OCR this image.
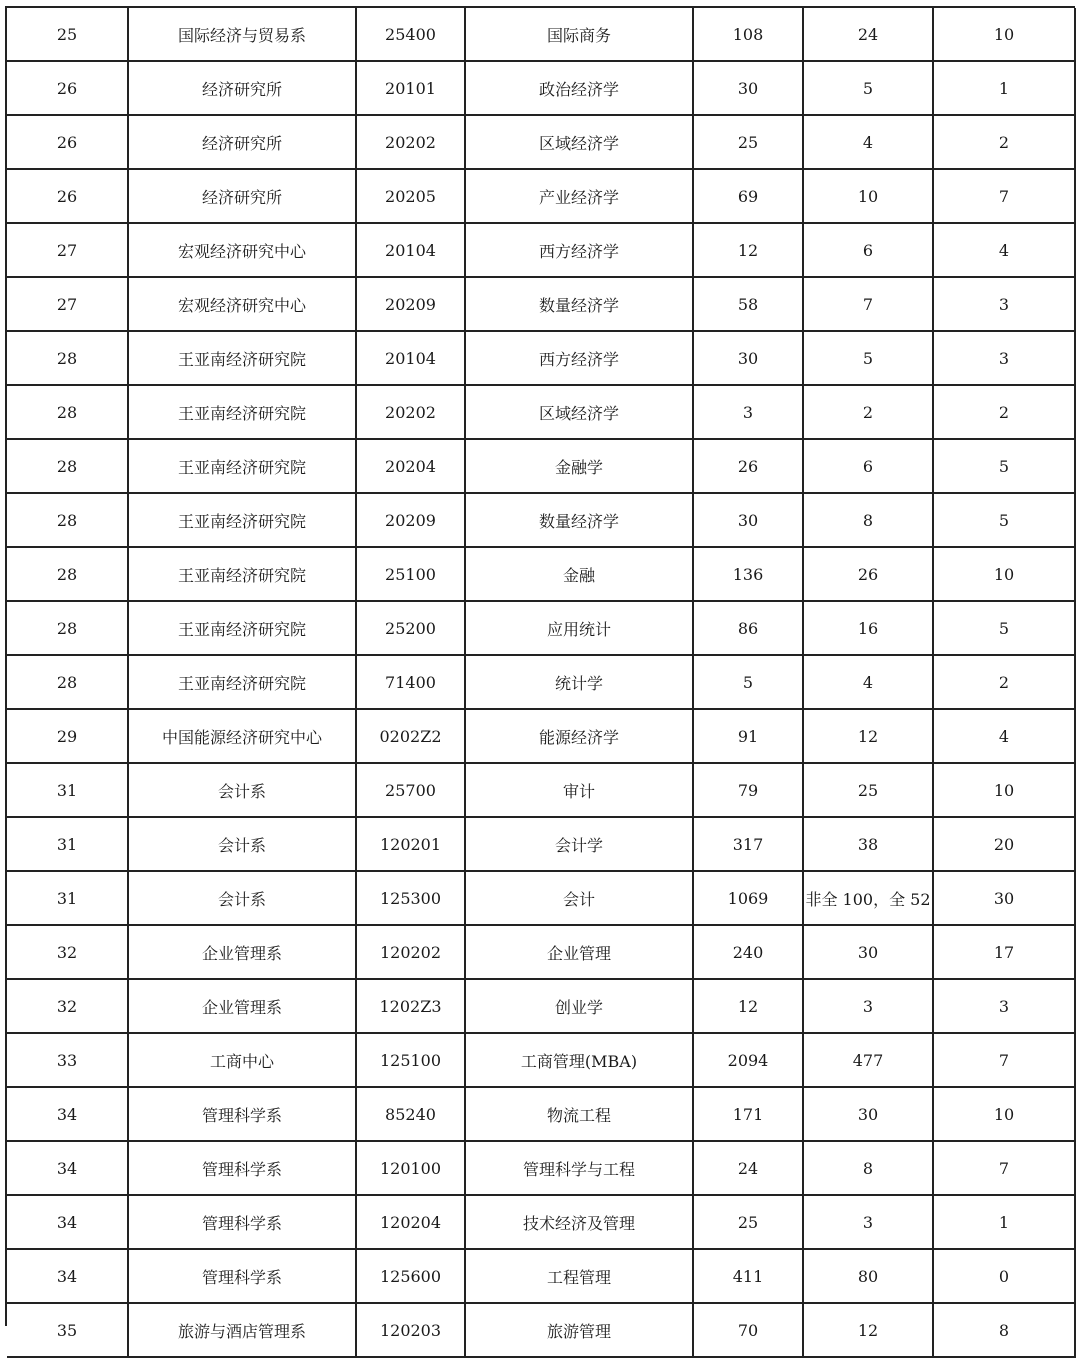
25	国际经济与贸易系	25400	国际商务	108	24	10
26	经济研究所	20101	政治经济学	30	5	1
26	经济研究所	20202	区域经济学	25	4	2
26	经济研究所	20205	产业经济学	69	10	7
27	宏观经济研究中心	20104	西方经济学	12	6	4
27	宏观经济研究中心	20209	数量经济学	58	7	3
28	王亚南经济研究院	20104	西方经济学	30	5	3
28	王亚南经济研究院	20202	区域经济学	3	2	2
28	王亚南经济研究院	20204	金融学	26	6	5
28	王亚南经济研究院	20209	数量经济学	30	8	5
28	王亚南经济研究院	25100	金融	136	26	10
28	王亚南经济研究院	25200	应用统计	86	16	5
28	王亚南经济研究院	71400	统计学	5	4	2
29	中国能源经济研究中心	0202Z2	能源经济学	91	12	4
31	会计系	25700	审计	79	25	10
31	会计系	120201	会计学	317	38	20
31	会计系	125300	会计	1069	非全 100，全 52	30
32	企业管理系	120202	企业管理	240	30	17
32	企业管理系	1202Z3	创业学	12	3	3
33	工商中心	125100	工商管理(MBA)	2094	477	7
34	管理科学系	85240	物流工程	171	30	10
34	管理科学系	120100	管理科学与工程	24	8	7
34	管理科学系	120204	技术经济及管理	25	3	1
34	管理科学系	125600	工程管理	411	80	0
35	旅游与酒店管理系	120203	旅游管理	70	12	8
